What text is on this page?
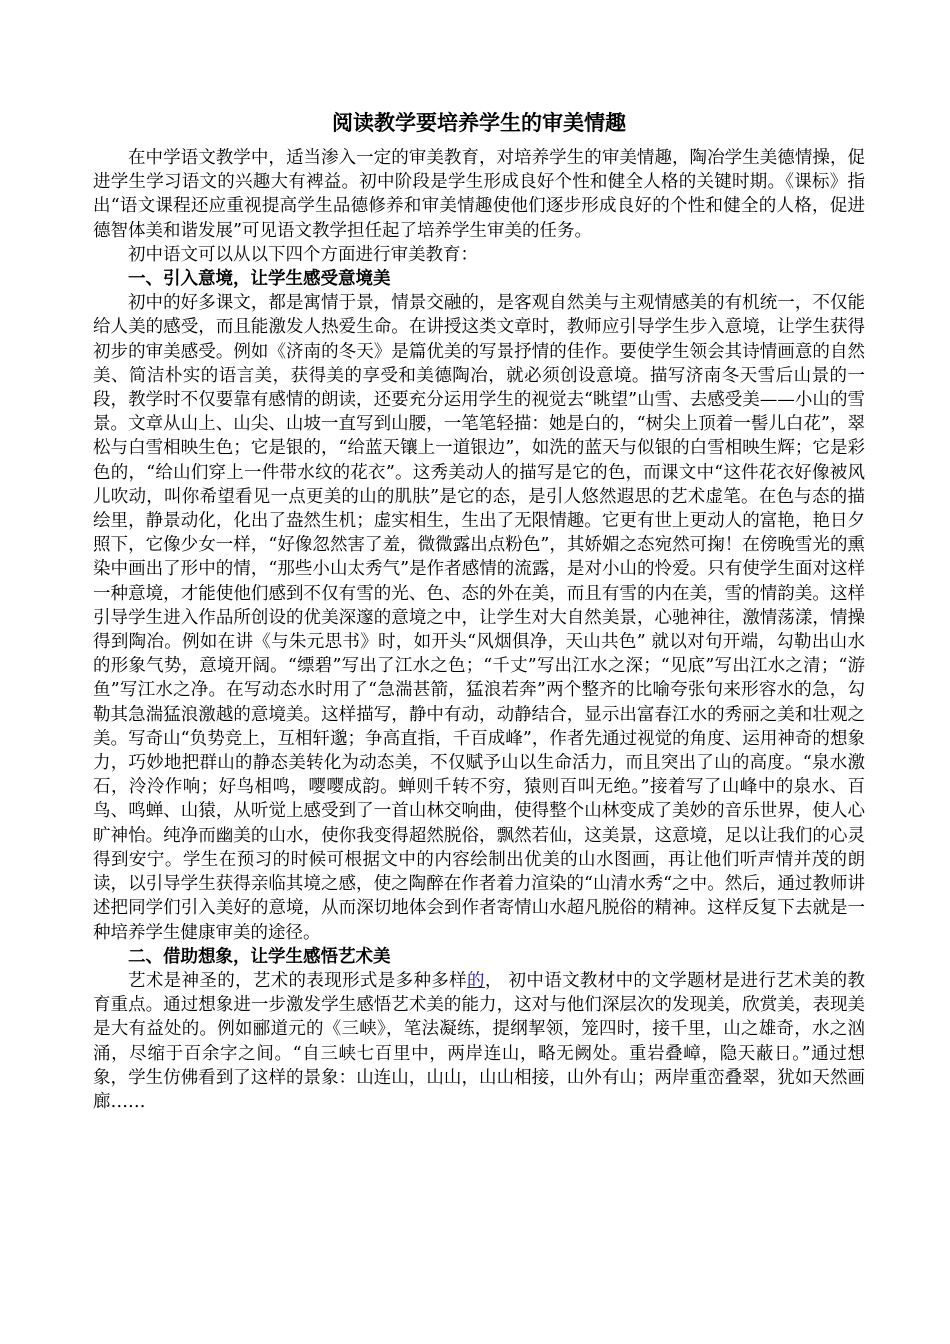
阅读教学要培养学生的审美情趣

在中学语文教学中，适当渗入一定的审美教育，对培养学生的审美情趣，陶冶学生美德情操，促进学生学习语文的兴趣大有裨益。初中阶段是学生形成良好个性和健全人格的关键时期。《课标》指出“语文课程还应重视提高学生品德修养和审美情趣使他们逐步形成良好的个性和健全的人格，促进德智体美和谐发展”可见语文教学担任起了培养学生审美的任务。

初中语文可以从以下四个方面进行审美教育：

一、引入意境，让学生感受意境美

初中的好多课文，都是寓情于景，情景交融的，是客观自然美与主观情感美的有机统一，不仅能给人美的感受，而且能激发人热爱生命。在讲授这类文章时，教师应引导学生步入意境，让学生获得初步的审美感受。例如《济南的冬天》是篇优美的写景抒情的佳作。要使学生领会其诗情画意的自然美、简洁朴实的语言美，获得美的享受和美德陶冶，就必须创设意境。描写济南冬天雪后山景的一段，教学时不仅要靠有感情的朗读，还要充分运用学生的视觉去“眺望”山雪、去感受美——小山的雪景。文章从山上、山尖、山坡一直写到山腰，一笔笔轻描：她是白的，“树尖上顶着一髻儿白花”，翠松与白雪相映生色；它是银的，“给蓝天镶上一道银边”，如洗的蓝天与似银的白雪相映生辉；它是彩色的，“给山们穿上一件带水纹的花衣”。这秀美动人的描写是它的色，而课文中“这件花衣好像被风儿吹动，叫你希望看见一点更美的山的肌肤”是它的态，是引人悠然遐思的艺术虚笔。在色与态的描绘里，静景动化，化出了盎然生机；虚实相生，生出了无限情趣。它更有世上更动人的富艳，艳日夕照下，它像少女一样，“好像忽然害了羞，微微露出点粉色”，其娇媚之态宛然可掬！在傍晚雪光的熏染中画出了形中的情，“那些小山太秀气”是作者感情的流露，是对小山的怜爱。只有使学生面对这样一种意境，才能使他们感到不仅有雪的光、色、态的外在美，而且有雪的内在美，雪的情韵美。这样引导学生进入作品所创设的优美深邃的意境之中，让学生对大自然美景，心驰神往，激情荡漾，情操得到陶冶。例如在讲《与朱元思书》时，如开头“风烟俱净，天山共色” 就以对句开端，勾勒出山水的形象气势，意境开阔。“缥碧”写出了江水之色；“千丈”写出江水之深；“见底”写出江水之清；“游鱼”写江水之净。在写动态水时用了“急湍甚箭，猛浪若奔”两个整齐的比喻夸张句来形容水的急，勾勒其急湍猛浪激越的意境美。这样描写，静中有动，动静结合，显示出富春江水的秀丽之美和壮观之美。写奇山“负势竞上，互相轩邈；争高直指，千百成峰”，作者先通过视觉的角度、运用神奇的想象力，巧妙地把群山的静态美转化为动态美，不仅赋予山以生命活力，而且突出了山的高度。“泉水激石，泠泠作响；好鸟相鸣，嘤嘤成韵。蝉则千转不穷，猿则百叫无绝。”接着写了山峰中的泉水、百鸟、鸣蝉、山猿，从听觉上感受到了一首山林交响曲，使得整个山林变成了美妙的音乐世界，使人心旷神怡。纯净而幽美的山水，使你我变得超然脱俗，飘然若仙，这美景，这意境，足以让我们的心灵得到安宁。学生在预习的时候可根据文中的内容绘制出优美的山水图画，再让他们听声情并茂的朗读，以引导学生获得亲临其境之感，使之陶醉在作者着力渲染的“山清水秀“之中。然后，通过教师讲述把同学们引入美好的意境，从而深切地体会到作者寄情山水超凡脱俗的精神。这样反复下去就是一种培养学生健康审美的途径。

二、借助想象，让学生感悟艺术美

艺术是神圣的，艺术的表现形式是多种多样的， 初中语文教材中的文学题材是进行艺术美的教育重点。通过想象进一步激发学生感悟艺术美的能力，这对与他们深层次的发现美，欣赏美，表现美是大有益处的。例如郦道元的《三峡》，笔法凝练，提纲挈领，笼四时，接千里，山之雄奇，水之汹涌，尽缩于百余字之间。“自三峡七百里中，两岸连山，略无阙处。重岩叠嶂，隐天蔽日。”通过想象，学生仿佛看到了这样的景象：山连山，山山，山山相接，山外有山；两岸重峦叠翠，犹如天然画廊……
